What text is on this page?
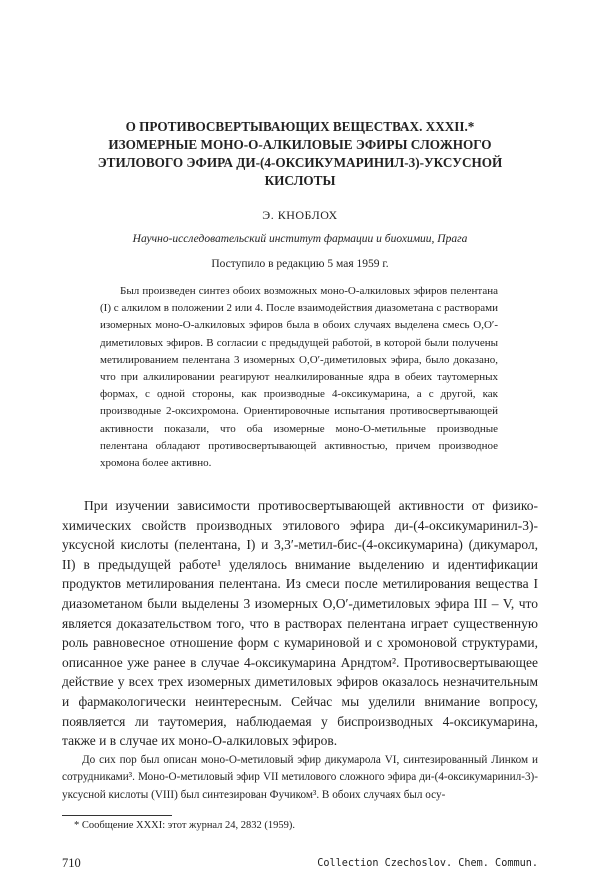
О ПРОТИВОСВЕРТЫВАЮЩИХ ВЕЩЕСТВАХ. XXXII.*
ИЗОМЕРНЫЕ МОНО-О-АЛКИЛОВЫЕ ЭФИРЫ СЛОЖНОГО
ЭТИЛОВОГО ЭФИРА ДИ-(4-ОКСИКУМАРИНИЛ-3)-УКСУСНОЙ
КИСЛОТЫ
Э. КНОБЛОХ
Научно-исследовательский институт фармации и биохимии, Прага
Поступило в редакцию 5 мая 1959 г.

Был произведен синтез обоих возможных моно-О-алкиловых эфиров пелентана (I) с алкилом в положении 2 или 4. После взаимодействия диазометана с растворами изомерных моно-О-алкиловых эфиров была в обоих случаях выделена смесь O,O′-диметиловых эфиров. В согласии с предыдущей работой, в которой были получены метилированием пелентана 3 изомерных O,O′-диметиловых эфира, было доказано, что при алкилировании реагируют неалкилированные ядра в обеих таутомерных формах, с одной стороны, как производные 4-оксикумарина, а с другой, как производные 2-оксихромона. Ориентировочные испытания противосвертывающей активности показали, что оба изомерные моно-О-метильные производные пелентана обладают противосвертывающей активностью, причем производное хромона более активно.

При изучении зависимости противосвертывающей активности от физико-химических свойств производных этилового эфира ди-(4-оксикумаринил-3)-уксусной кислоты (пелентана, I) и 3,3′-метил-бис-(4-оксикумарина) (дикумарол, II) в предыдущей работе¹ уделялось внимание выделению и идентификации продуктов метилирования пелентана. Из смеси после метилирования вещества I диазометаном были выделены 3 изомерных O,O′-диметиловых эфира III – V, что является доказательством того, что в растворах пелентана играет существенную роль равновесное отношение форм с кумариновой и с хромоновой структурами, описанное уже ранее в случае 4-оксикумарина Арндтом². Противосвертывающее действие у всех трех изомерных диметиловых эфиров оказалось незначительным и фармакологически неинтересным. Сейчас мы уделили внимание вопросу, появляется ли таутомерия, наблюдаемая у биспроизводных 4-оксикумарина, также и в случае их моно-О-алкиловых эфиров.

До сих пор был описан моно-О-метиловый эфир дикумарола VI, синтезированный Линком и сотрудниками³. Моно-О-метиловый эфир VII метилового сложного эфира ди-(4-оксикумаринил-3)-уксусной кислоты (VIII) был синтезирован Фучиком³. В обоих случаях был осу-

* Сообщение XXXI: этот журнал 24, 2832 (1959).

710	Collection Czechoslov. Chem. Commun.
